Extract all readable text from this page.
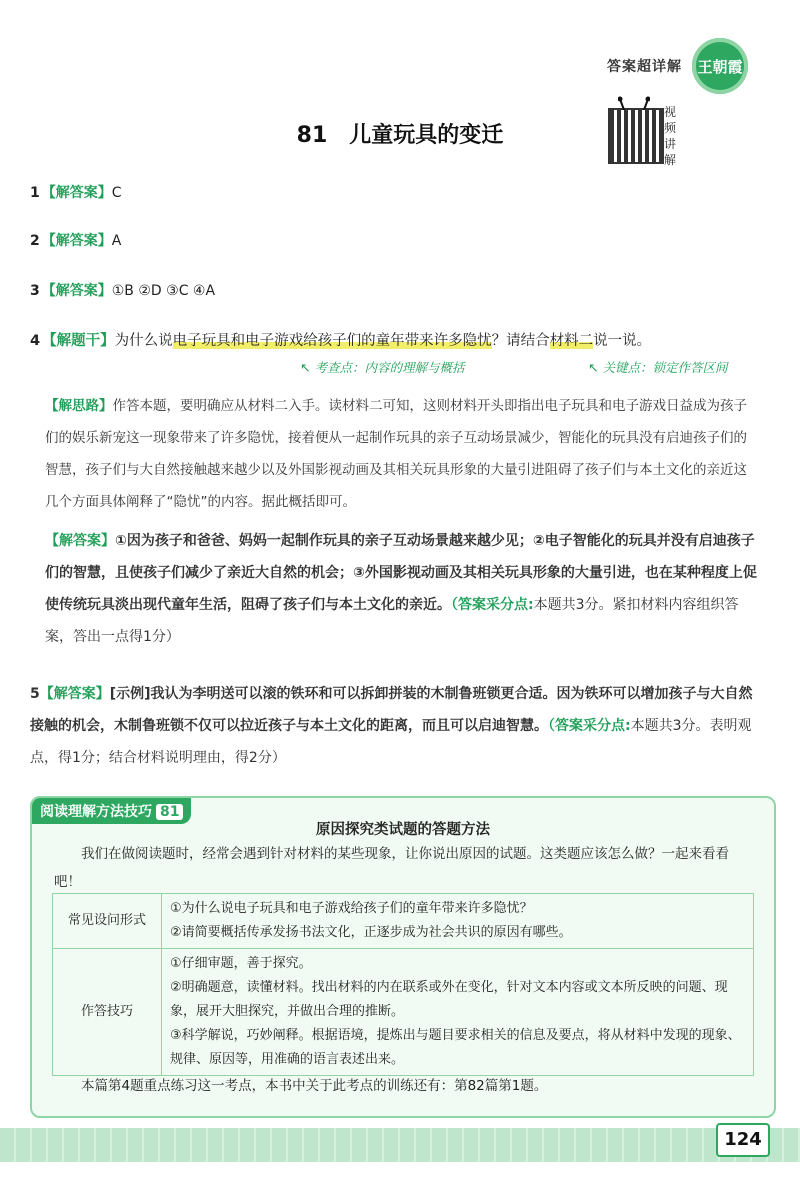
答案超详解 王朝霞
81 儿童玩具的变迁
视频讲解
1 【解答案】C
2 【解答案】A
3 【解答案】①B ②D ③C ④A
4 【解题干】为什么说电子玩具和电子游戏给孩子们的童年带来许多隐忧？请结合材料二说一说。
↖ 考查点：内容的理解与概括	↖ 关键点：锁定作答区间
【解思路】作答本题，要明确应从材料二入手。读材料二可知，这则材料开头即指出电子玩具和电子游戏日益成为孩子们的娱乐新宠这一现象带来了许多隐忧，接着便从一起制作玩具的亲子互动场景减少，智能化的玩具没有启迪孩子们的智慧，孩子们与大自然接触越来越少以及外国影视动画及其相关玩具形象的大量引进阻碍了孩子们与本土文化的亲近这几个方面具体阐释了“隐忧”的内容。据此概括即可。
【解答案】①因为孩子和爸爸、妈妈一起制作玩具的亲子互动场景越来越少见；②电子智能化的玩具并没有启迪孩子们的智慧，且使孩子们减少了亲近大自然的机会；③外国影视动画及其相关玩具形象的大量引进，也在某种程度上促使传统玩具淡出现代童年生活，阻碍了孩子们与本土文化的亲近。（答案采分点:本题共3分。紧扣材料内容组织答案，答出一点得1分）
5【解答案】[示例]我认为李明送可以滚的铁环和可以拆卸拼装的木制鲁班锁更合适。因为铁环可以增加孩子与大自然接触的机会，木制鲁班锁不仅可以拉近孩子与本土文化的距离，而且可以启迪智慧。（答案采分点:本题共3分。表明观点，得1分；结合材料说明理由，得2分）
阅读理解方法技巧 81
原因探究类试题的答题方法
我们在做阅读题时，经常会遇到针对材料的某些现象，让你说出原因的试题。这类题应该怎么做？一起来看看吧！
常见设问形式	①为什么说电子玩具和电子游戏给孩子们的童年带来许多隐忧？
②请简要概括传承发扬书法文化，正逐步成为社会共识的原因有哪些。

作答技巧	①仔细审题，善于探究。
②明确题意，读懂材料。找出材料的内在联系或外在变化，针对文本内容或文本所反映的问题、现象，展开大胆探究，并做出合理的推断。
③科学解说，巧妙阐释。根据语境，提炼出与题目要求相关的信息及要点，将从材料中发现的现象、规律、原因等，用准确的语言表述出来。
本篇第4题重点练习这一考点，本书中关于此考点的训练还有：第82篇第1题。
124
